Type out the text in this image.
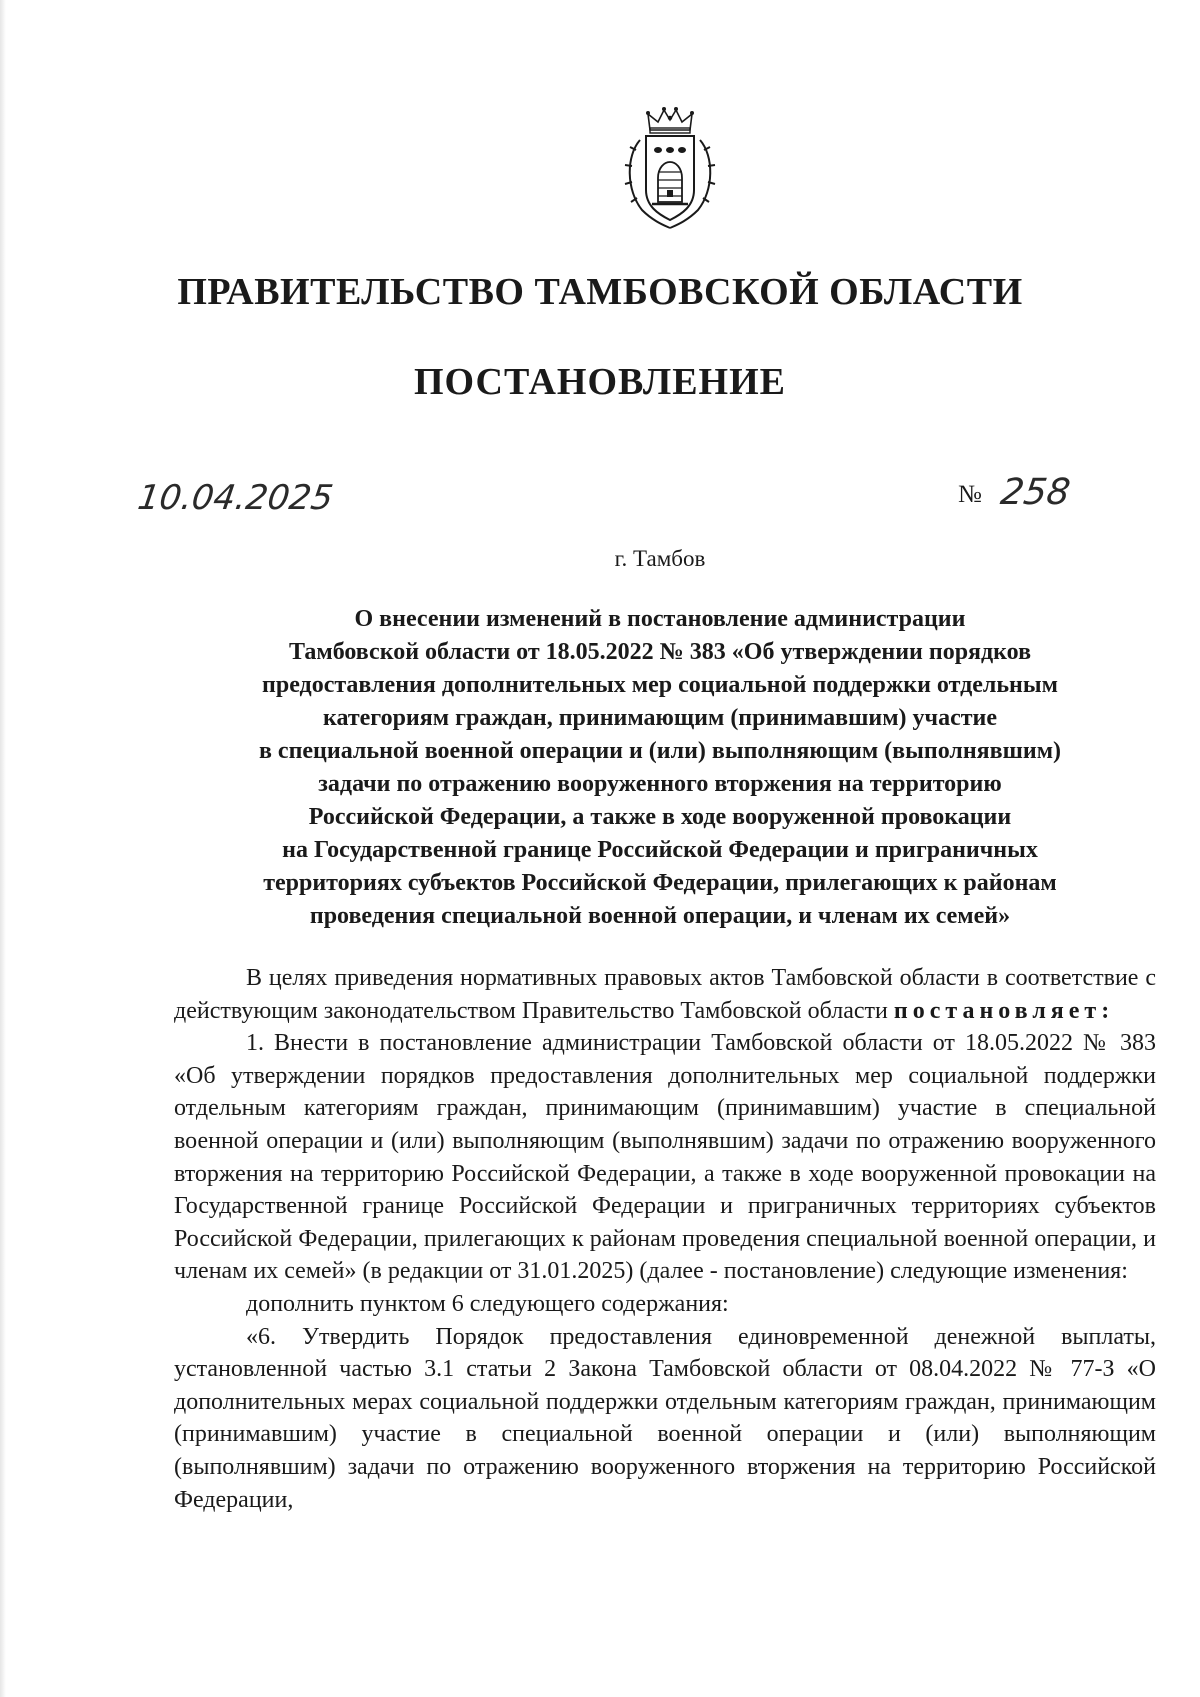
ПРАВИТЕЛЬСТВО ТАМБОВСКОЙ ОБЛАСТИ
ПОСТАНОВЛЕНИЕ
10.04.2025	№ 258
г. Тамбов
О внесении изменений в постановление администрации
Тамбовской области от 18.05.2022 № 383 «Об утверждении порядков
предоставления дополнительных мер социальной поддержки отдельным
категориям граждан, принимающим (принимавшим) участие
в специальной военной операции и (или) выполняющим (выполнявшим)
задачи по отражению вооруженного вторжения на территорию
Российской Федерации, а также в ходе вооруженной провокации
на Государственной границе Российской Федерации и приграничных
территориях субъектов Российской Федерации, прилегающих к районам
проведения специальной военной операции, и членам их семей»

В целях приведения нормативных правовых актов Тамбовской области в соответствие с действующим законодательством Правительство Тамбовской области постановляет:

1. Внести в постановление администрации Тамбовской области от 18.05.2022 № 383 «Об утверждении порядков предоставления дополнительных мер социальной поддержки отдельным категориям граждан, принимающим (принимавшим) участие в специальной военной операции и (или) выполняющим (выполнявшим) задачи по отражению вооруженного вторжения на территорию Российской Федерации, а также в ходе вооруженной провокации на Государственной границе Российской Федерации и приграничных территориях субъектов Российской Федерации, прилегающих к районам проведения специальной военной операции, и членам их семей» (в редакции от 31.01.2025) (далее - постановление) следующие изменения:

дополнить пунктом 6 следующего содержания:

«6. Утвердить Порядок предоставления единовременной денежной выплаты, установленной частью 3.1 статьи 2 Закона Тамбовской области от 08.04.2022 № 77-З «О дополнительных мерах социальной поддержки отдельным категориям граждан, принимающим (принимавшим) участие в специальной военной операции и (или) выполняющим (выполнявшим) задачи по отражению вооруженного вторжения на территорию Российской Федерации,
